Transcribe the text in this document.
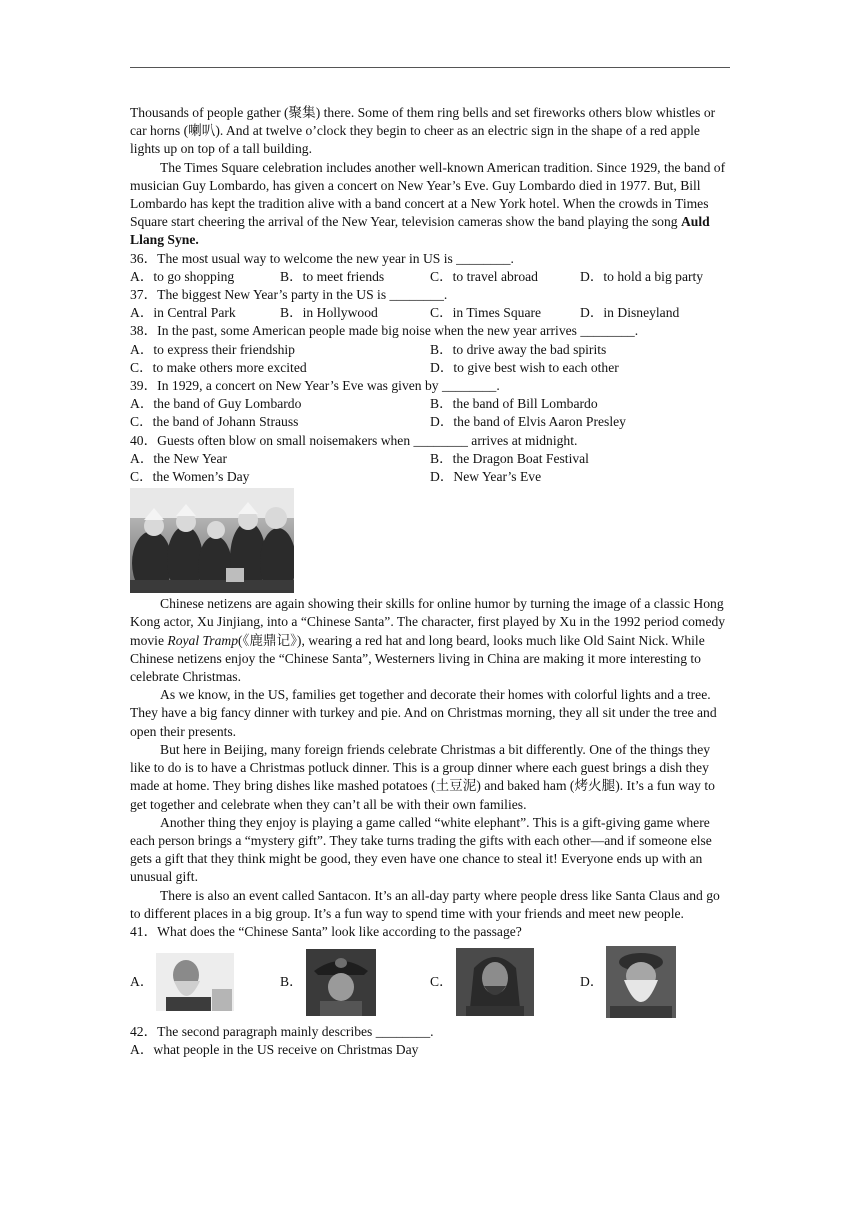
Thousands of people gather (聚集) there. Some of them ring bells and set fireworks others blow whistles or car horns (喇叭). And at twelve o’clock they begin to cheer as an electric sign in the shape of a red apple lights up on top of a tall building.

The Times Square celebration includes another well-known American tradition. Since 1929, the band of musician Guy Lombardo, has given a concert on New Year’s Eve. Guy Lombardo died in 1977. But, Bill Lombardo has kept the tradition alive with a band concert at a New York hotel. When the crowds in Times Square start cheering the arrival of the New Year, television cameras show the band playing the song Auld Llang Syne.

36．The most usual way to welcome the new year in US is ________.

A．to go shopping	B．to meet friends	C．to travel abroad	D．to hold a big party

37．The biggest New Year’s party in the US is ________.

A．in Central Park	B．in Hollywood	C．in Times Square	D．in Disneyland

38．In the past, some American people made big noise when the new year arrives ________.

A．to express their friendship	B．to drive away the bad spirits
C．to make others more excited	D．to give best wish to each other

39．In 1929, a concert on New Year’s Eve was given by ________.

A．the band of Guy Lombardo	B．the band of Bill Lombardo
C．the band of Johann Strauss	D．the band of Elvis Aaron Presley

40．Guests often blow on small noisemakers when ________ arrives at midnight.

A．the New Year	B．the Dragon Boat Festival
C．the Women’s Day	D．New Year’s Eve

Chinese netizens are again showing their skills for online humor by turning the image of a classic Hong Kong actor, Xu Jinjiang, into a “Chinese Santa”. The character, first played by Xu in the 1992 period comedy movie Royal Tramp(《鹿鼎记》), wearing a red hat and long beard, looks much like Old Saint Nick. While Chinese netizens enjoy the “Chinese Santa”, Westerners living in China are making it more interesting to celebrate Christmas.

As we know, in the US, families get together and decorate their homes with colorful lights and a tree. They have a big fancy dinner with turkey and pie. And on Christmas morning, they all sit under the tree and open their presents.

But here in Beijing, many foreign friends celebrate Christmas a bit differently. One of the things they like to do is to have a Christmas potluck dinner. This is a group dinner where each guest brings a dish they made at home. They bring dishes like mashed potatoes (土豆泥) and baked ham (烤火腿). It’s a fun way to get together and celebrate when they can’t all be with their own families.

Another thing they enjoy is playing a game called “white elephant”. This is a gift-giving game where each person brings a “mystery gift”. They take turns trading the gifts with each other—and if someone else gets a gift that they think might be good, they even have one chance to steal it! Everyone ends up with an unusual gift.

There is also an event called Santacon. It’s an all-day party where people dress like Santa Claus and go to different places in a big group. It’s a fun way to spend time with your friends and meet new people.

41．What does the “Chinese Santa” look like according to the passage?

A．	B．	C．	D．

42．The second paragraph mainly describes ________.

A．what people in the US receive on Christmas Day
